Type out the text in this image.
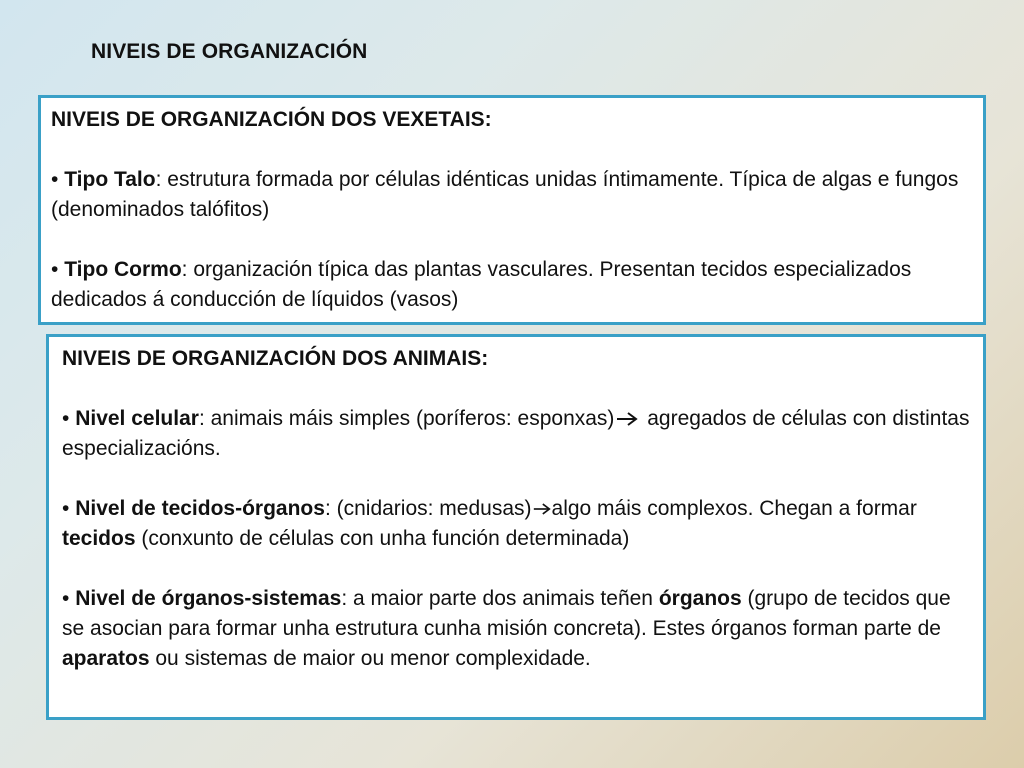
NIVEIS DE ORGANIZACIÓN
NIVEIS DE ORGANIZACIÓN DOS VEXETAIS:
• Tipo Talo: estrutura formada por células idénticas unidas íntimamente. Típica de algas e fungos (denominados talófitos)
• Tipo Cormo: organización típica das plantas vasculares. Presentan tecidos especializados dedicados á conducción de líquidos (vasos)
NIVEIS DE ORGANIZACIÓN DOS ANIMAIS:
• Nivel celular: animais máis simples (poríferos: esponxas) agregados de células con distintas especializacións.
• Nivel de tecidos-órganos: (cnidarios: medusas) algo máis complexos. Chegan a formar tecidos (conxunto de células con unha función determinada)
• Nivel de órganos-sistemas: a maior parte dos animais teñen órganos (grupo de tecidos que se asocian para formar unha estrutura cunha misión concreta). Estes órganos forman parte de aparatos ou sistemas de maior ou menor complexidade.
